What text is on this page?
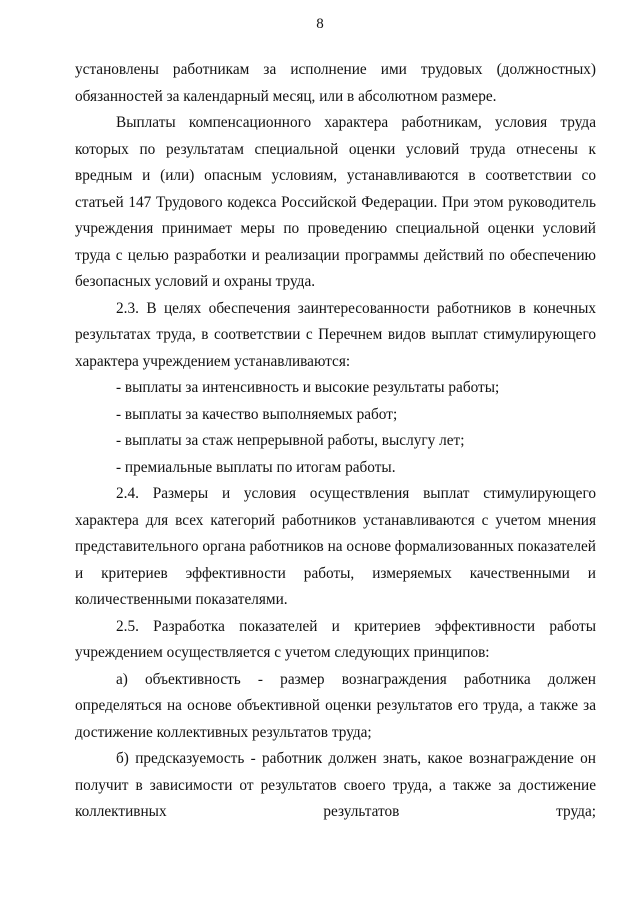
8

установлены работникам за исполнение ими трудовых (должностных) обязанностей за календарный месяц, или в абсолютном размере.

Выплаты компенсационного характера работникам, условия труда которых по результатам специальной оценки условий труда отнесены к вредным и (или) опасным условиям, устанавливаются в соответствии со статьей 147 Трудового кодекса Российской Федерации. При этом руководитель учреждения принимает меры по проведению специальной оценки условий труда с целью разработки и реализации программы действий по обеспечению безопасных условий и охраны труда.

2.3. В целях обеспечения заинтересованности работников в конечных результатах труда, в соответствии с Перечнем видов выплат стимулирующего характера учреждением устанавливаются:

- выплаты за интенсивность и высокие результаты работы;

- выплаты за качество выполняемых работ;

- выплаты за стаж непрерывной работы, выслугу лет;

- премиальные выплаты по итогам работы.

2.4. Размеры и условия осуществления выплат стимулирующего характера для всех категорий работников устанавливаются с учетом мнения представительного органа работников на основе формализованных показателей и критериев эффективности работы, измеряемых качественными и количественными показателями.

2.5. Разработка показателей и критериев эффективности работы учреждением осуществляется с учетом следующих принципов:

а) объективность - размер вознаграждения работника должен определяться на основе объективной оценки результатов его труда, а также за достижение коллективных результатов труда;

б) предсказуемость - работник должен знать, какое вознаграждение он получит в зависимости от результатов своего труда, а также за достижение коллективных результатов труда;
